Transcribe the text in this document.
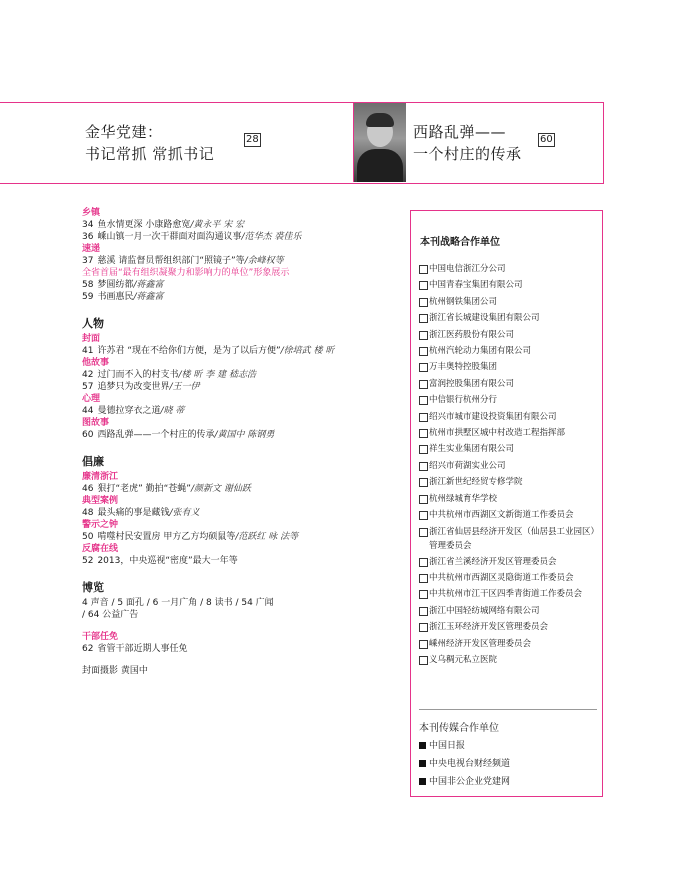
金华党建：
书记常抓 常抓书记
28	西路乱弹——
一个村庄的传承
60
乡镇
34 鱼水情更深 小康路愈宽/黄永平 宋 宏
36 嵊山镇一月一次干群面对面沟通议事/范华杰 裘佳乐
速递
37 慈溪 请监督员帮组织部门“照镜子”等/余峰权等
全省首届“最有组织凝聚力和影响力的单位”形象展示
58 梦圆纺都/蒋鑫富
59 书画惠民/蒋鑫富
人物
封面
41 许苏君 “现在不给你们方便，是为了以后方便”/徐培武 楼 昕
他故事
42 过门而不入的村支书/楼 昕 李 建 嵇志浩
57 追梦只为改变世界/王一伊
心理
44 曼德拉穿衣之道/晓 蒂
图故事
60 西路乱弹——一个村庄的传承/黄国中 陈钢勇
倡廉
廉清浙江
46 狠打“老虎” 勤拍“苍蝇”/颜新文 谢仙跃
典型案例
48 最头痛的事是藏钱/张有义
警示之钟
50 啃噬村民安置房 甲方乙方均硕鼠等/范跃红 咏 法等
反腐在线
52 2013，中央巡视“密度”最大一年等
博览
4 声音 / 5 面孔 / 6 一月广角 / 8 读书 / 54 广闻
/ 64 公益广告
干部任免
62 省管干部近期人事任免
封面摄影 黄国中
本刊战略合作单位
中国电信浙江分公司
中国青春宝集团有限公司
杭州钢铁集团公司
浙江省长城建设集团有限公司
浙江医药股份有限公司
杭州汽轮动力集团有限公司
万丰奥特控股集团
富润控股集团有限公司
中信银行杭州分行
绍兴市城市建设投资集团有限公司
杭州市拱墅区城中村改造工程指挥部
祥生实业集团有限公司
绍兴市荷湖实业公司
浙江新世纪经贸专修学院
杭州绿城育华学校
中共杭州市西湖区文新街道工作委员会
浙江省仙居县经济开发区（仙居县工业园区）管理委员会
浙江省兰溪经济开发区管理委员会
中共杭州市西湖区灵隐街道工作委员会
中共杭州市江干区四季青街道工作委员会
浙江中国轻纺城网络有限公司
浙江玉环经济开发区管理委员会
嵊州经济开发区管理委员会
义乌稠元私立医院
本刊传媒合作单位
中国日报
中央电视台财经频道
中国非公企业党建网
